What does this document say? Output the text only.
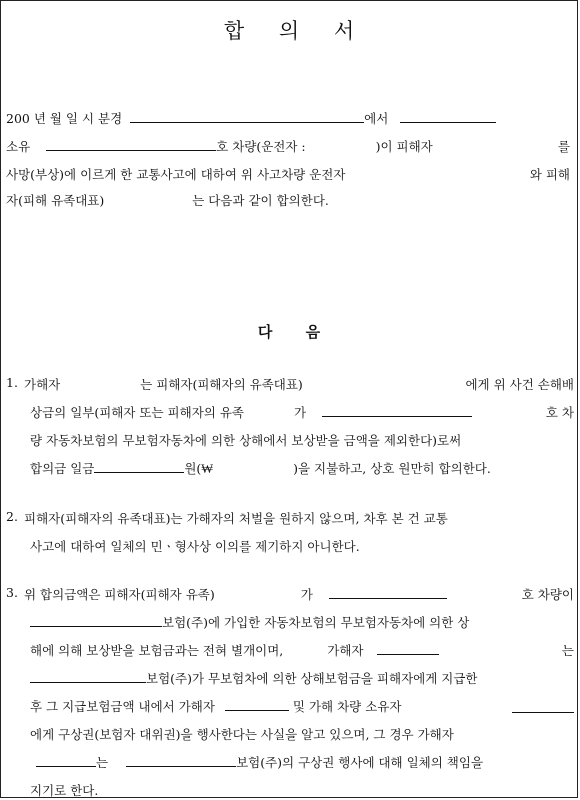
합 의 서
200 년 월 일 시 분경	에서
소유	호 차량(운전자 :	)이 피해자	를
사망(부상)에 이르게 한 교통사고에 대하여 위 사고차량 운전자	와 피해
자(피해 유족대표)	는 다음과 같이 합의한다.
다 음
1. 가해자	는 피해자(피해자의 유족대표)	에게 위 사건 손해배
상금의 일부(피해자 또는 피해자의 유족	가	호 차
량 자동차보험의 무보험자동차에 의한 상해에서 보상받을 금액을 제외한다)로써
합의금 일금	원(₩	)을 지불하고, 상호 원만히 합의한다.
2. 피해자(피해자의 유족대표)는 가해자의 처벌을 원하지 않으며, 차후 본 건 교통
사고에 대하여 일체의 민ㆍ형사상 이의를 제기하지 아니한다.
3. 위 합의금액은 피해자(피해자 유족)	가	호 차량이
보험(주)에 가입한 자동차보험의 무보험자동차에 의한 상
해에 의해 보상받을 보험금과는 전혀 별개이며,	가해자	는
보험(주)가 무보험차에 의한 상해보험금을 피해자에게 지급한
후 그 지급보험금액 내에서 가해자	및 가해 차량 소유자
에게 구상권(보험자 대위권)을 행사한다는 사실을 알고 있으며, 그 경우 가해자
는	보험(주)의 구상권 행사에 대해 일체의 책임을
지기로 한다.
